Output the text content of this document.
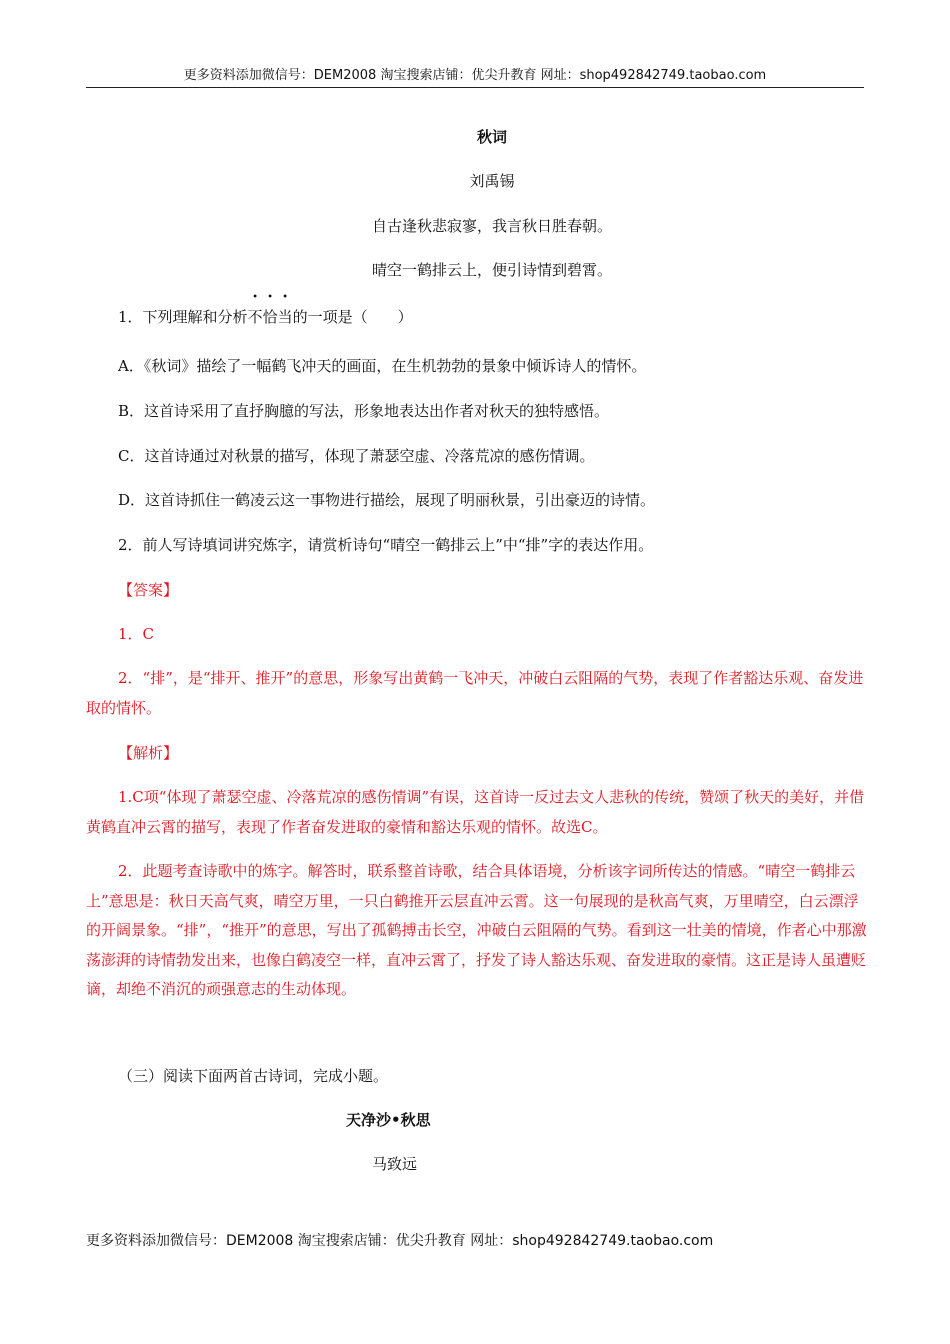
更多资料添加微信号：DEM2008 淘宝搜索店铺：优尖升教育 网址：shop492842749.taobao.com
秋词
刘禹锡
自古逢秋悲寂寥，我言秋日胜春朝。
晴空一鹤排云上，便引诗情到碧霄。
1．下列理解和分析不恰当的一项是（　　）
A．《秋词》描绘了一幅鹤飞冲天的画面，在生机勃勃的景象中倾诉诗人的情怀。
B．这首诗采用了直抒胸臆的写法，形象地表达出作者对秋天的独特感悟。
C．这首诗通过对秋景的描写，体现了萧瑟空虚、冷落荒凉的感伤情调。
D．这首诗抓住一鹤凌云这一事物进行描绘，展现了明丽秋景，引出豪迈的诗情。
2．前人写诗填词讲究炼字，请赏析诗句“晴空一鹤排云上”中“排”字的表达作用。
【答案】
1．C
2．“排”，是“排开、推开”的意思，形象写出黄鹤一飞冲天，冲破白云阻隔的气势，表现了作者豁达乐观、奋发进取的情怀。
【解析】
1.C项“体现了萧瑟空虚、冷落荒凉的感伤情调”有误，这首诗一反过去文人悲秋的传统，赞颂了秋天的美好，并借黄鹤直冲云霄的描写，表现了作者奋发进取的豪情和豁达乐观的情怀。故选C。
2．此题考查诗歌中的炼字。解答时，联系整首诗歌，结合具体语境，分析该字词所传达的情感。“晴空一鹤排云上”意思是：秋日天高气爽，晴空万里，一只白鹤推开云层直冲云霄。这一句展现的是秋高气爽，万里晴空，白云漂浮的开阔景象。“排”，“推开”的意思，写出了孤鹤搏击长空，冲破白云阻隔的气势。看到这一壮美的情境，作者心中那激荡澎湃的诗情勃发出来，也像白鹤凌空一样，直冲云霄了，抒发了诗人豁达乐观、奋发进取的豪情。这正是诗人虽遭贬谪，却绝不消沉的顽强意志的生动体现。
（三）阅读下面两首古诗词，完成小题。
天净沙•秋思
马致远
更多资料添加微信号：DEM2008 淘宝搜索店铺：优尖升教育 网址：shop492842749.taobao.com
